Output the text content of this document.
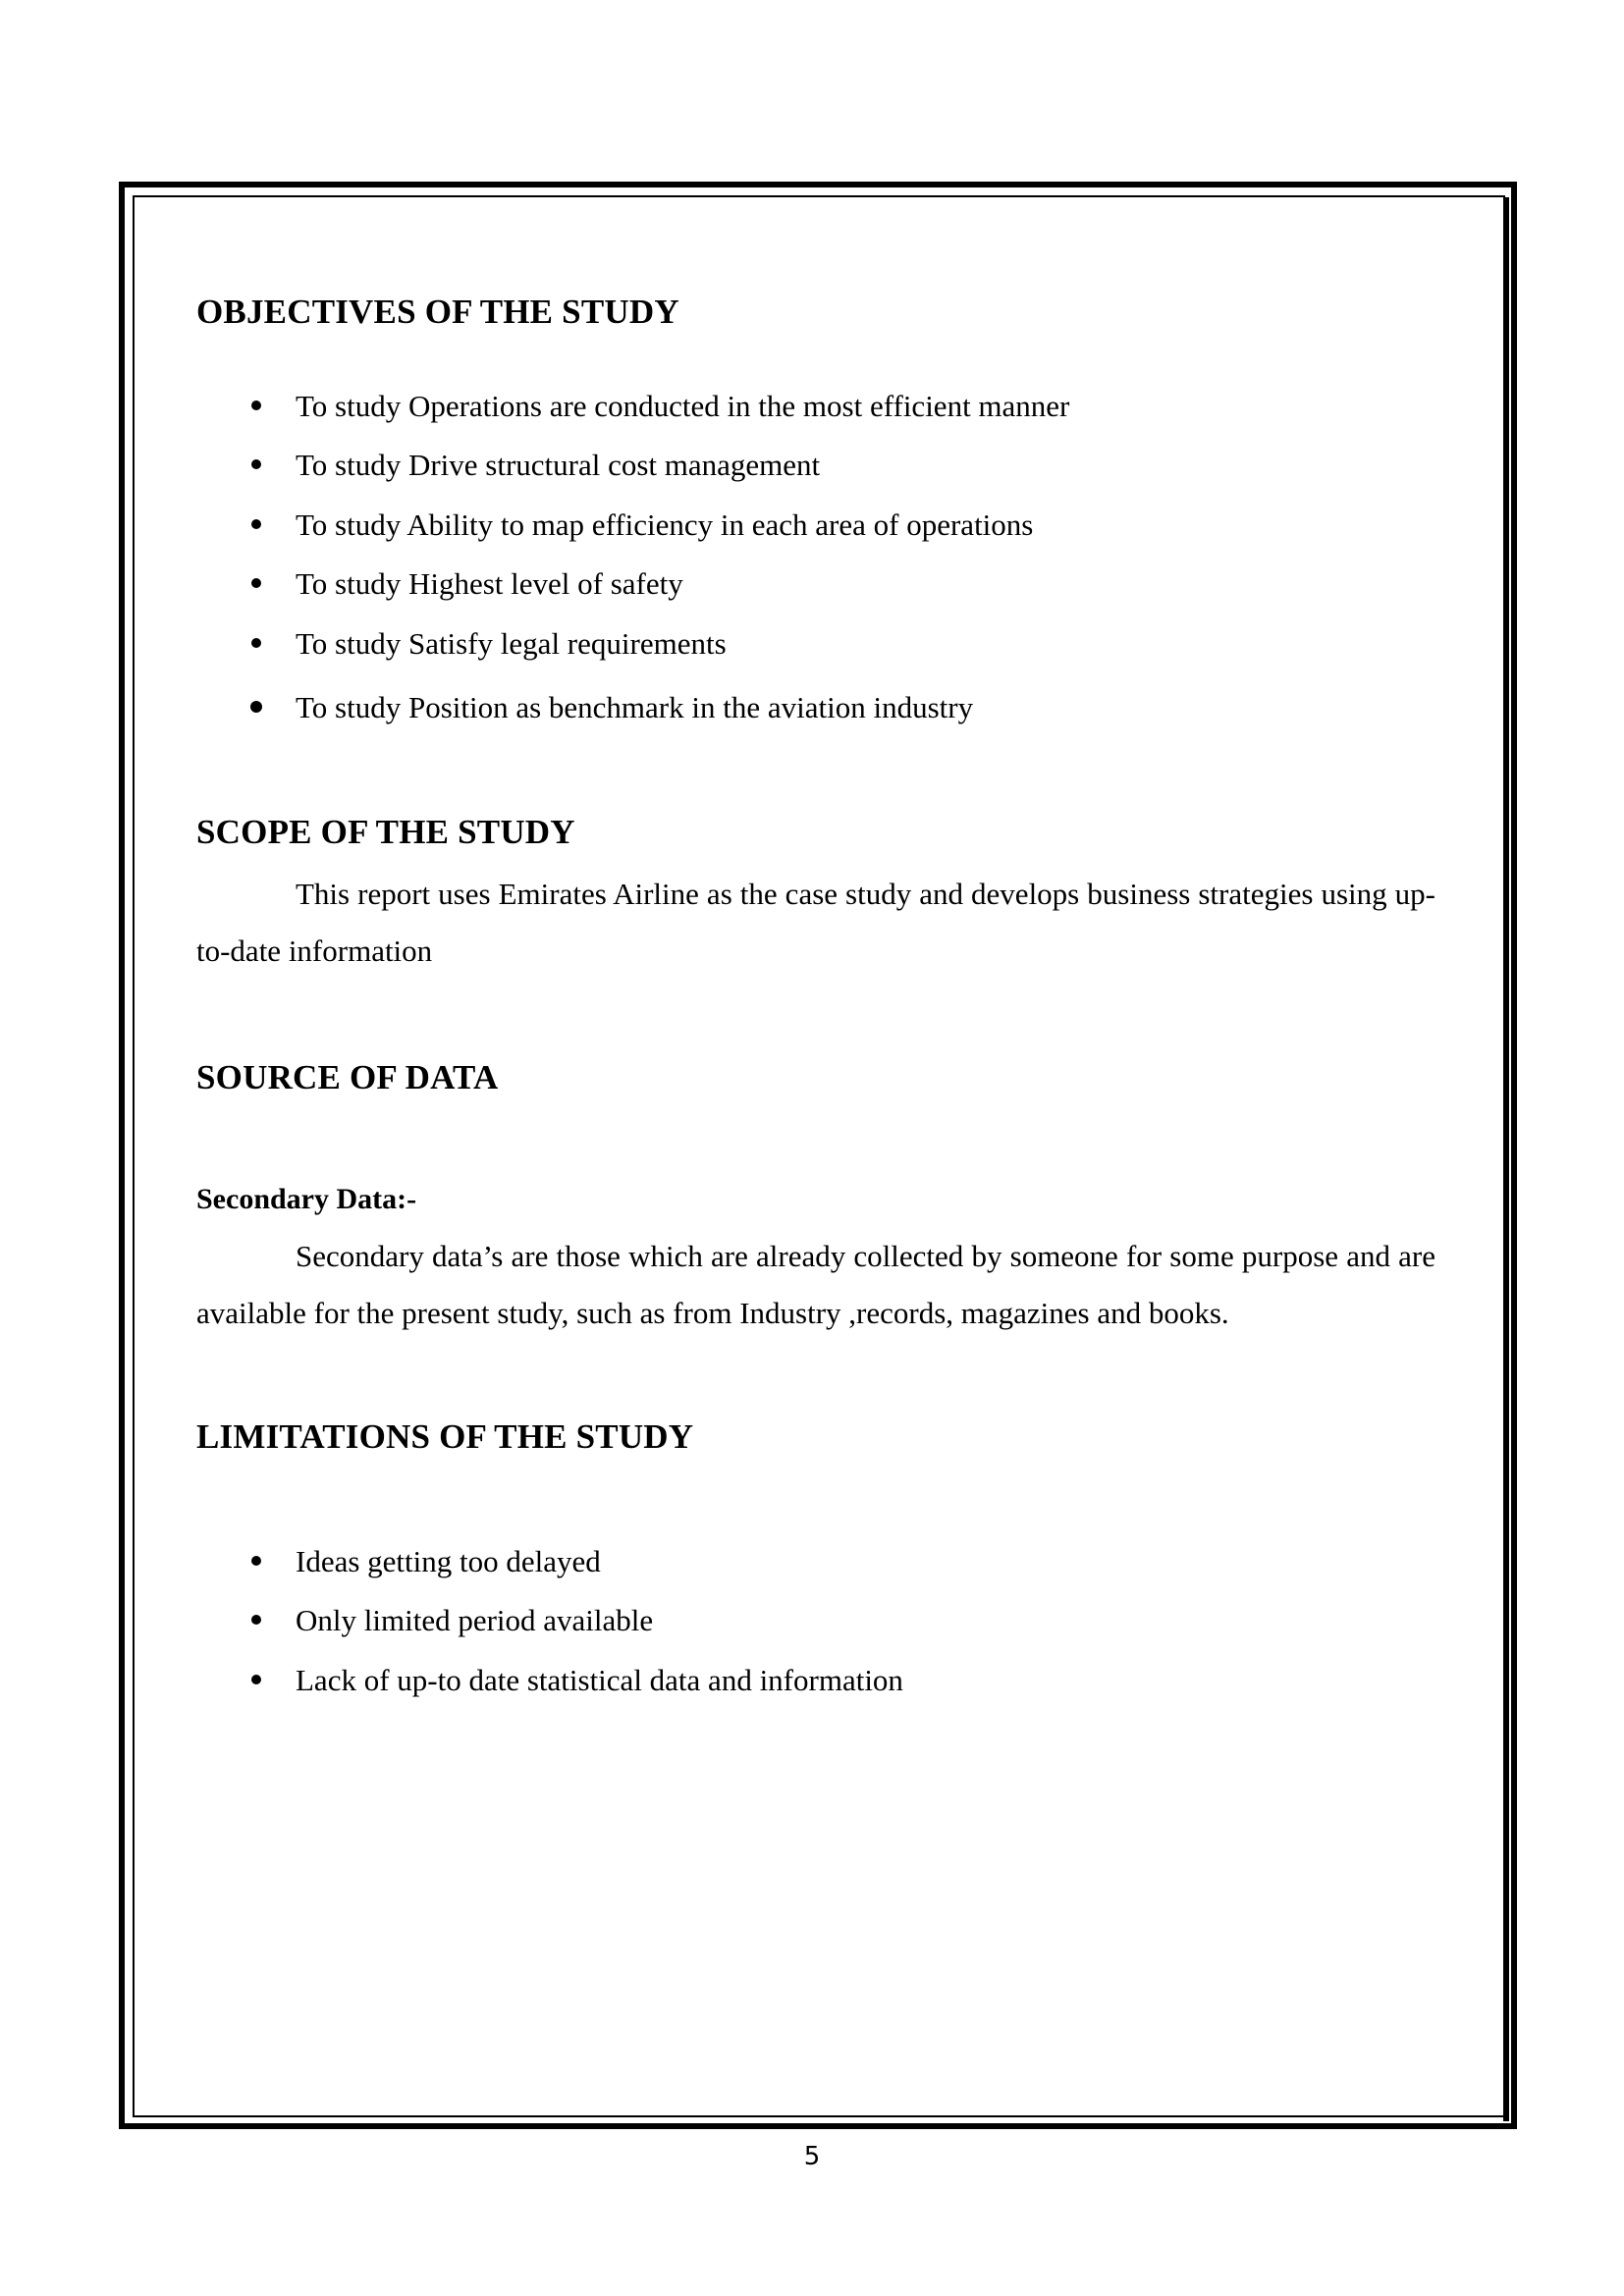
OBJECTIVES OF THE STUDY
To study Operations are conducted in the most efficient manner
To study Drive structural cost management
To study Ability to map efficiency in each area of operations
To study Highest level of safety
To study Satisfy legal requirements
To study Position as benchmark in the aviation industry
SCOPE OF THE STUDY

This report uses Emirates Airline as the case study and develops business strategies using up-to-date information

SOURCE OF DATA
Secondary Data:-

Secondary data’s are those which are already collected by someone for some purpose and are available for the present study, such as from Industry ,records, magazines and books.

LIMITATIONS OF THE STUDY
Ideas getting too delayed
Only limited period available
Lack of up-to date statistical data and information
5
